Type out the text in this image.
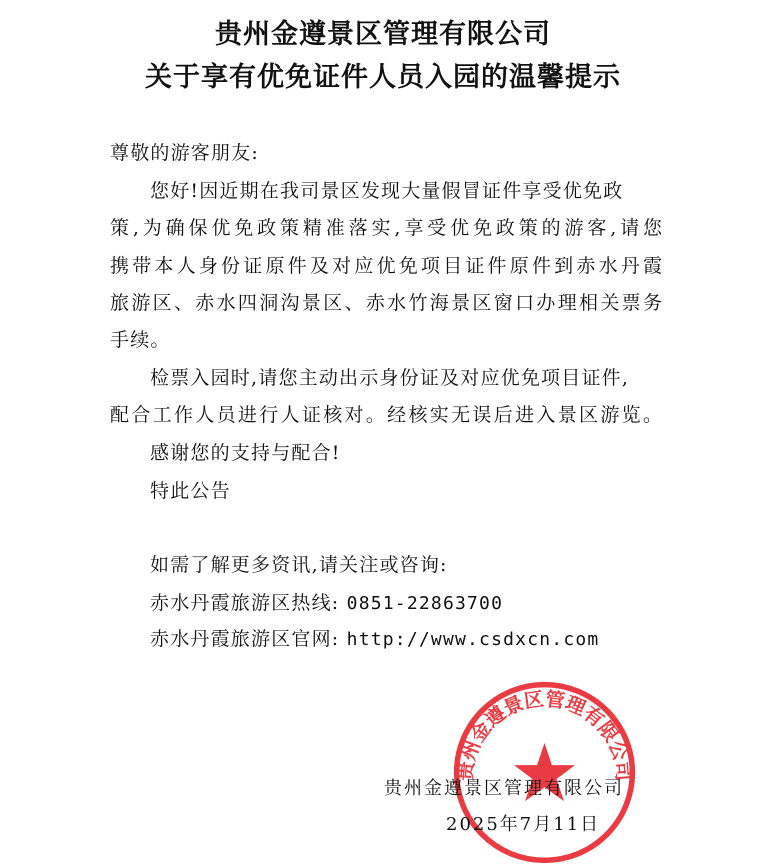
贵州金遵景区管理有限公司
关于享有优免证件人员入园的温馨提示
尊敬的游客朋友:
您好!因近期在我司景区发现大量假冒证件享受优免政
策,为确保优免政策精准落实,享受优免政策的游客,请您
携带本人身份证原件及对应优免项目证件原件到赤水丹霞
旅游区、赤水四洞沟景区、赤水竹海景区窗口办理相关票务
手续。
检票入园时,请您主动出示身份证及对应优免项目证件,
配合工作人员进行人证核对。经核实无误后进入景区游览。
感谢您的支持与配合!
特此公告
如需了解更多资讯,请关注或咨询:
赤水丹霞旅游区热线: 0851-22863700
赤水丹霞旅游区官网: http://www.csdxcn.com
贵州金遵景区管理有限公司
贵州金遵景区管理有限公司
2025年7月11日
